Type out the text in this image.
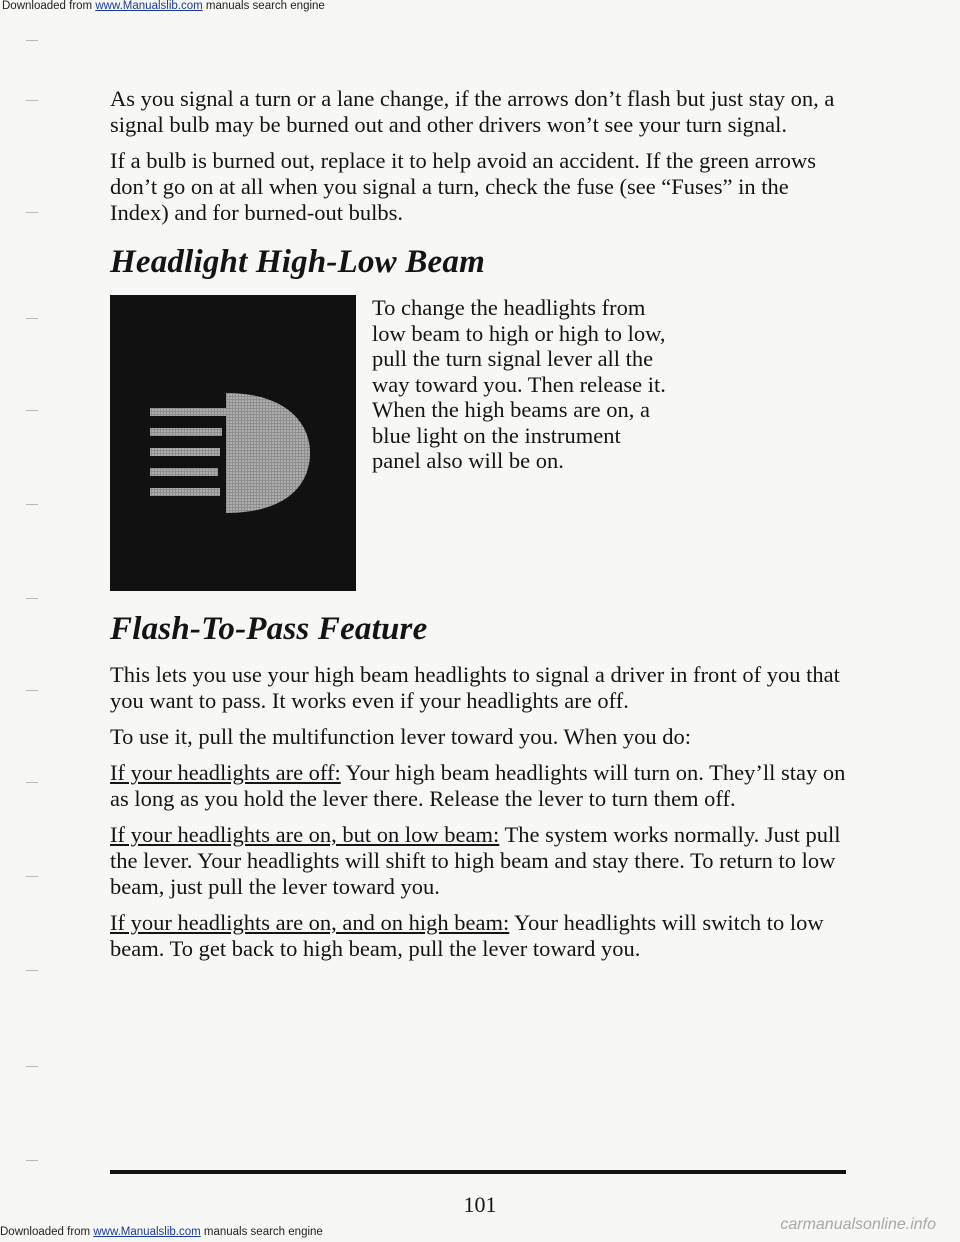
Downloaded from www.Manualslib.com manuals search engine

As you signal a turn or a lane change, if the arrows don’t flash but just stay on, a signal bulb may be burned out and other drivers won’t see your turn signal.

If a bulb is burned out, replace it to help avoid an accident. If the green arrows don’t go on at all when you signal a turn, check the fuse (see “Fuses” in the Index) and for burned-out bulbs.

Headlight High-Low Beam
To change the headlights from low beam to high or high to low, pull the turn signal lever all the way toward you. Then release it. When the high beams are on, a blue light on the instrument panel also will be on.
Flash-To-Pass Feature

This lets you use your high beam headlights to signal a driver in front of you that you want to pass. It works even if your headlights are off.

To use it, pull the multifunction lever toward you. When you do:

If your headlights are off: Your high beam headlights will turn on. They’ll stay on as long as you hold the lever there. Release the lever to turn them off.

If your headlights are on, but on low beam: The system works normally. Just pull the lever. Your headlights will shift to high beam and stay there. To return to low beam, just pull the lever toward you.

If your headlights are on, and on high beam: Your headlights will switch to low beam. To get back to high beam, pull the lever toward you.

101
Downloaded from www.Manualslib.com manuals search engine	carmanualsonline.info
